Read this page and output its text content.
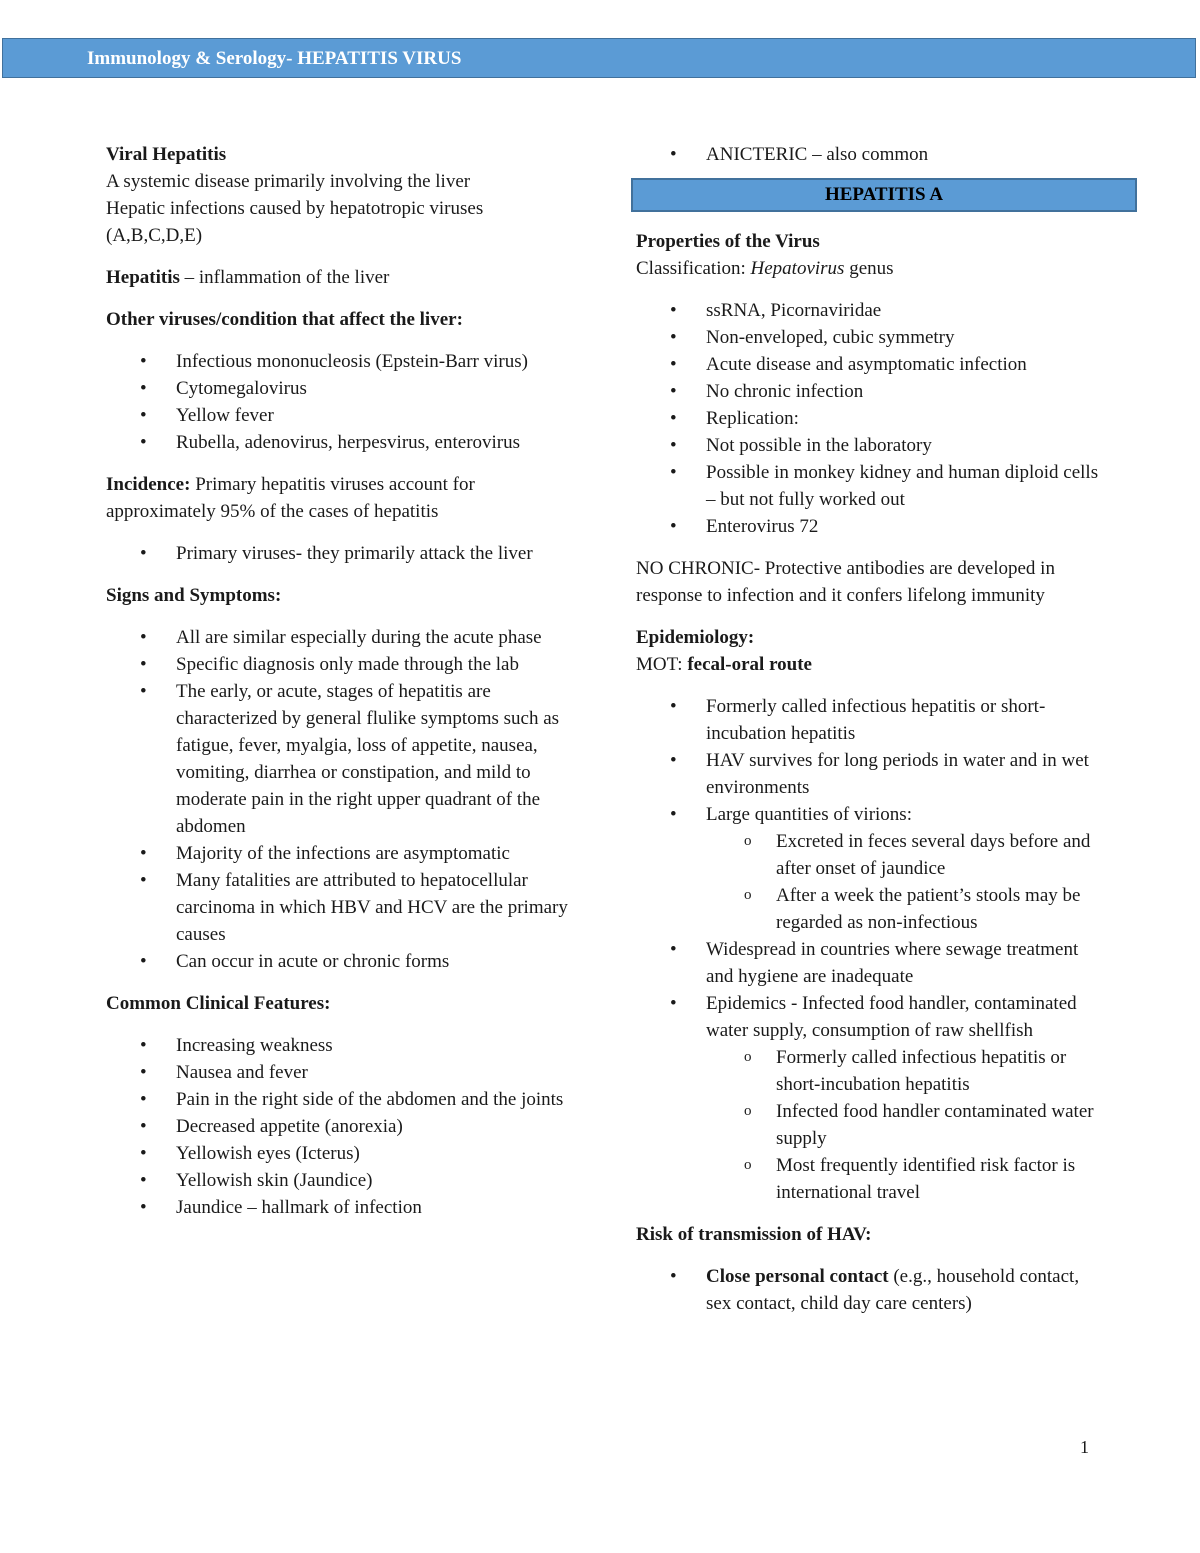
Immunology & Serology- HEPATITIS VIRUS

Viral Hepatitis
A systemic disease primarily involving the liver
Hepatic infections caused by hepatotropic viruses (A,B,C,D,E)

Hepatitis – inflammation of the liver

Other viruses/condition that affect the liver:

• Infectious mononucleosis (Epstein-Barr virus)
• Cytomegalovirus
• Yellow fever
• Rubella, adenovirus, herpesvirus, enterovirus

Incidence: Primary hepatitis viruses account for approximately 95% of the cases of hepatitis

• Primary viruses- they primarily attack the liver

Signs and Symptoms:

• All are similar especially during the acute phase
• Specific diagnosis only made through the lab
• The early, or acute, stages of hepatitis are characterized by general flulike symptoms such as fatigue, fever, myalgia, loss of appetite, nausea, vomiting, diarrhea or constipation, and mild to moderate pain in the right upper quadrant of the abdomen
• Majority of the infections are asymptomatic
• Many fatalities are attributed to hepatocellular carcinoma in which HBV and HCV are the primary causes
• Can occur in acute or chronic forms

Common Clinical Features:

• Increasing weakness
• Nausea and fever
• Pain in the right side of the abdomen and the joints
• Decreased appetite (anorexia)
• Yellowish eyes (Icterus)
• Yellowish skin (Jaundice)
• Jaundice – hallmark of infection
• ANICTERIC – also common
HEPATITIS A

Properties of the Virus
Classification: Hepatovirus genus

• ssRNA, Picornaviridae
• Non-enveloped, cubic symmetry
• Acute disease and asymptomatic infection
• No chronic infection
• Replication:
• Not possible in the laboratory
• Possible in monkey kidney and human diploid cells – but not fully worked out
• Enterovirus 72

NO CHRONIC- Protective antibodies are developed in response to infection and it confers lifelong immunity

Epidemiology:
MOT: fecal-oral route

• Formerly called infectious hepatitis or short-incubation hepatitis
• HAV survives for long periods in water and in wet environments
• Large quantities of virions:
o Excreted in feces several days before and after onset of jaundice
o After a week the patient’s stools may be regarded as non-infectious
• Widespread in countries where sewage treatment and hygiene are inadequate
• Epidemics - Infected food handler, contaminated water supply, consumption of raw shellfish
o Formerly called infectious hepatitis or short-incubation hepatitis
o Infected food handler contaminated water supply
o Most frequently identified risk factor is international travel

Risk of transmission of HAV:

• Close personal contact (e.g., household contact, sex contact, child day care centers)
1
